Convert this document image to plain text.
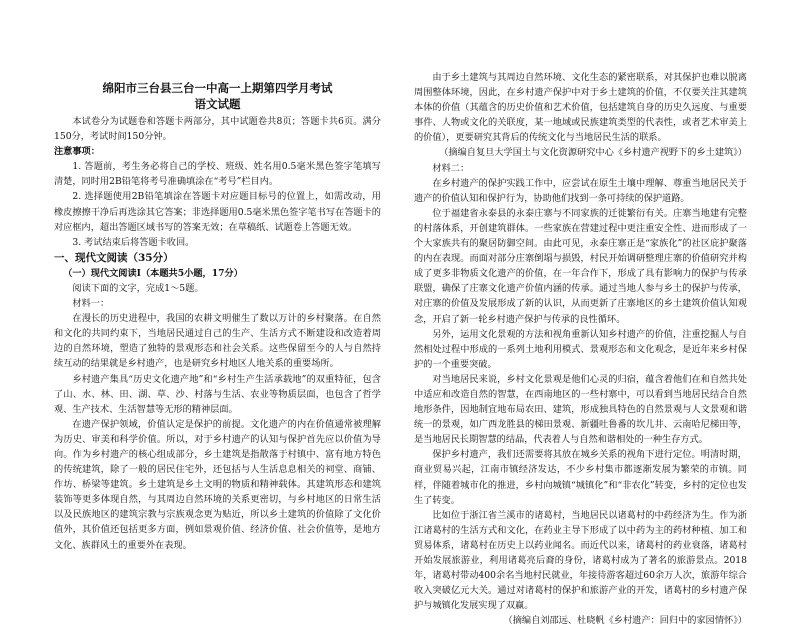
绵阳市三台县三台一中高一上期第四学月考试
语文试题

本试卷分为试题卷和答题卡两部分，其中试题卷共8页；答题卡共6页。满分150分，考试时间150分钟。

注意事项：

1. 答题前，考生务必将自己的学校、班级、姓名用0.5毫米黑色签字笔填写清楚，同时用2B铅笔将考号准确填涂在“考号”栏目内。

2. 选择题使用2B铅笔填涂在答题卡对应题目标号的位置上，如需改动，用橡皮擦擦干净后再选涂其它答案；非选择题用0.5毫米黑色签字笔书写在答题卡的对应框内，超出答题区域书写的答案无效；在草稿纸、试题卷上答题无效。

3. 考试结束后将答题卡收回。

一、现代文阅读（35分）

（一）现代文阅读Ⅰ（本题共5小题，17分）

阅读下面的文字，完成1～5题。

材料一：

在漫长的历史进程中，我国的农耕文明催生了数以万计的乡村聚落。在自然和文化的共同约束下，当地居民通过自己的生产、生活方式不断建设和改造着周边的自然环境，塑造了独特的景观形态和社会关系。这些保留至今的人与自然持续互动的结果就是乡村遗产，也是研究乡村地区人地关系的重要场所。

乡村遗产集具“历史文化遗产地”和“乡村生产生活承载地”的双重特征，包含了山、水、林、田、湖、草、沙、村落与生活、农业等物质层面，也包含了哲学观、生产技术、生活智慧等无形的精神层面。

在遗产保护领域，价值认定是保护的前提。文化遗产的内在价值通常被理解为历史、审美和科学价值。所以，对于乡村遗产的认知与保护首先应以价值为导向。作为乡村遗产的核心组成部分，乡土建筑是指散落于村镇中、富有地方特色的传统建筑，除了一般的居民住宅外，还包括与人生活息息相关的祠堂、商铺、作坊、桥梁等建筑。乡土建筑是乡土文明的物质和精神载体。其建筑形态和建筑装饰等更多体现自然，与其周边自然环境的关系更密切，与乡村地区的日常生活以及民族地区的建筑宗教与宗族观念更为贴近，所以乡土建筑的价值除了文化价值外，其价值还包括更多方面，例如景观价值、经济价值、社会价值等，是地方文化、族群风土的重要外在表现。

由于乡土建筑与其周边自然环境、文化生态的紧密联系，对其保护也难以脱离周围整体环境，因此，在乡村遗产保护中对于乡土建筑的价值，不仅要关注其建筑本体的价值（其蕴含的历史价值和艺术价值，包括建筑自身的历史久远度、与重要事件、人物或文化的关联度，某一地域或民族建筑类型的代表性，或者艺术审美上的价值），更要研究其背后的传统文化与当地居民生活的联系。

（摘编自复旦大学国土与文化资源研究中心《乡村遗产视野下的乡土建筑》）

材料二：

在乡村遗产的保护实践工作中，应尝试在原生土壤中理解、尊重当地居民关于遗产的价值认知和保护行为，协助他们找到一条可持续的保护道路。

位于福建省永泰县的永泰庄寨与不同家族的迁徙繁衍有关。庄寨当地建有完整的村落体系，开创建筑群体。一些家族在营建过程中更注重安全性、进而形成了一个大家族共有的聚居防御空间。由此可见，永泰庄寨正是“家族化”的社区庇护聚落的内在表现。而面对部分庄寨倒塌与损毁，村民开始调研整理庄寨的价值研究并构成了更多非物质文化遗产的价值，在一年合作下，形成了具有影响力的保护与传承联盟，确保了庄寨文化遗产价值内涵的传承。通过当地人参与乡土的保护与传承，对庄寨的价值及发展形成了新的认识，从而更新了庄寨地区的乡土建筑价值认知观念，开启了新一轮乡村遗产保护与传承的良性循环。

另外，运用文化景观的方法和视角重新认知乡村遗产的价值，注重挖掘人与自然相处过程中形成的一系列土地利用模式、景观形态和文化观念，是近年来乡村保护的一个重要突破。

对当地居民来说，乡村文化景观是他们心灵的归宿，蕴含着他们在和自然共处中适应和改造自然的智慧，在西南地区的一些村寨中，可以看到当地居民结合自然地形条件，因地制宜地布局农田、建筑，形成独具特色的自然景观与人文景观和谐统一的景观，如广西龙胜县的梯田景观、新疆吐鲁番的坎儿井、云南哈尼梯田等，是当地居民长期智慧的结晶，代表着人与自然和谐相处的一种生存方式。

保护乡村遗产，我们还需要将其放在城乡关系的视角下进行定位。明清时期，商业贸易兴起，江南市镇经济发达，不少乡村集市都逐渐发展为繁荣的市镇。同样，伴随着城市化的推进，乡村向城镇“城镇化”和“非农化”转变，乡村的定位也发生了转变。

比如位于浙江省兰溪市的诸葛村，当地居民以诸葛村的中药经济为生。作为浙江诸葛村的生活方式和文化，在药业主导下形成了以中药为主的药材种植、加工和贸易体系，诸葛村在历史上以药业闻名。而近代以来，诸葛村的药业衰落，诸葛村开始发展旅游业，利用诸葛亮后裔的身份，诸葛村成为了著名的旅游景点。2018年，诸葛村带动400余名当地村民就业，年接待游客超过60余万人次，旅游年综合收入突破亿元大关。通过对诸葛村的保护和旅游产业的开发，诸葛村的乡村遗产保护与城镇化发展实现了双赢。

（摘编自刘邵远、杜晓帆《乡村遗产：回归中的家园情怀》）
